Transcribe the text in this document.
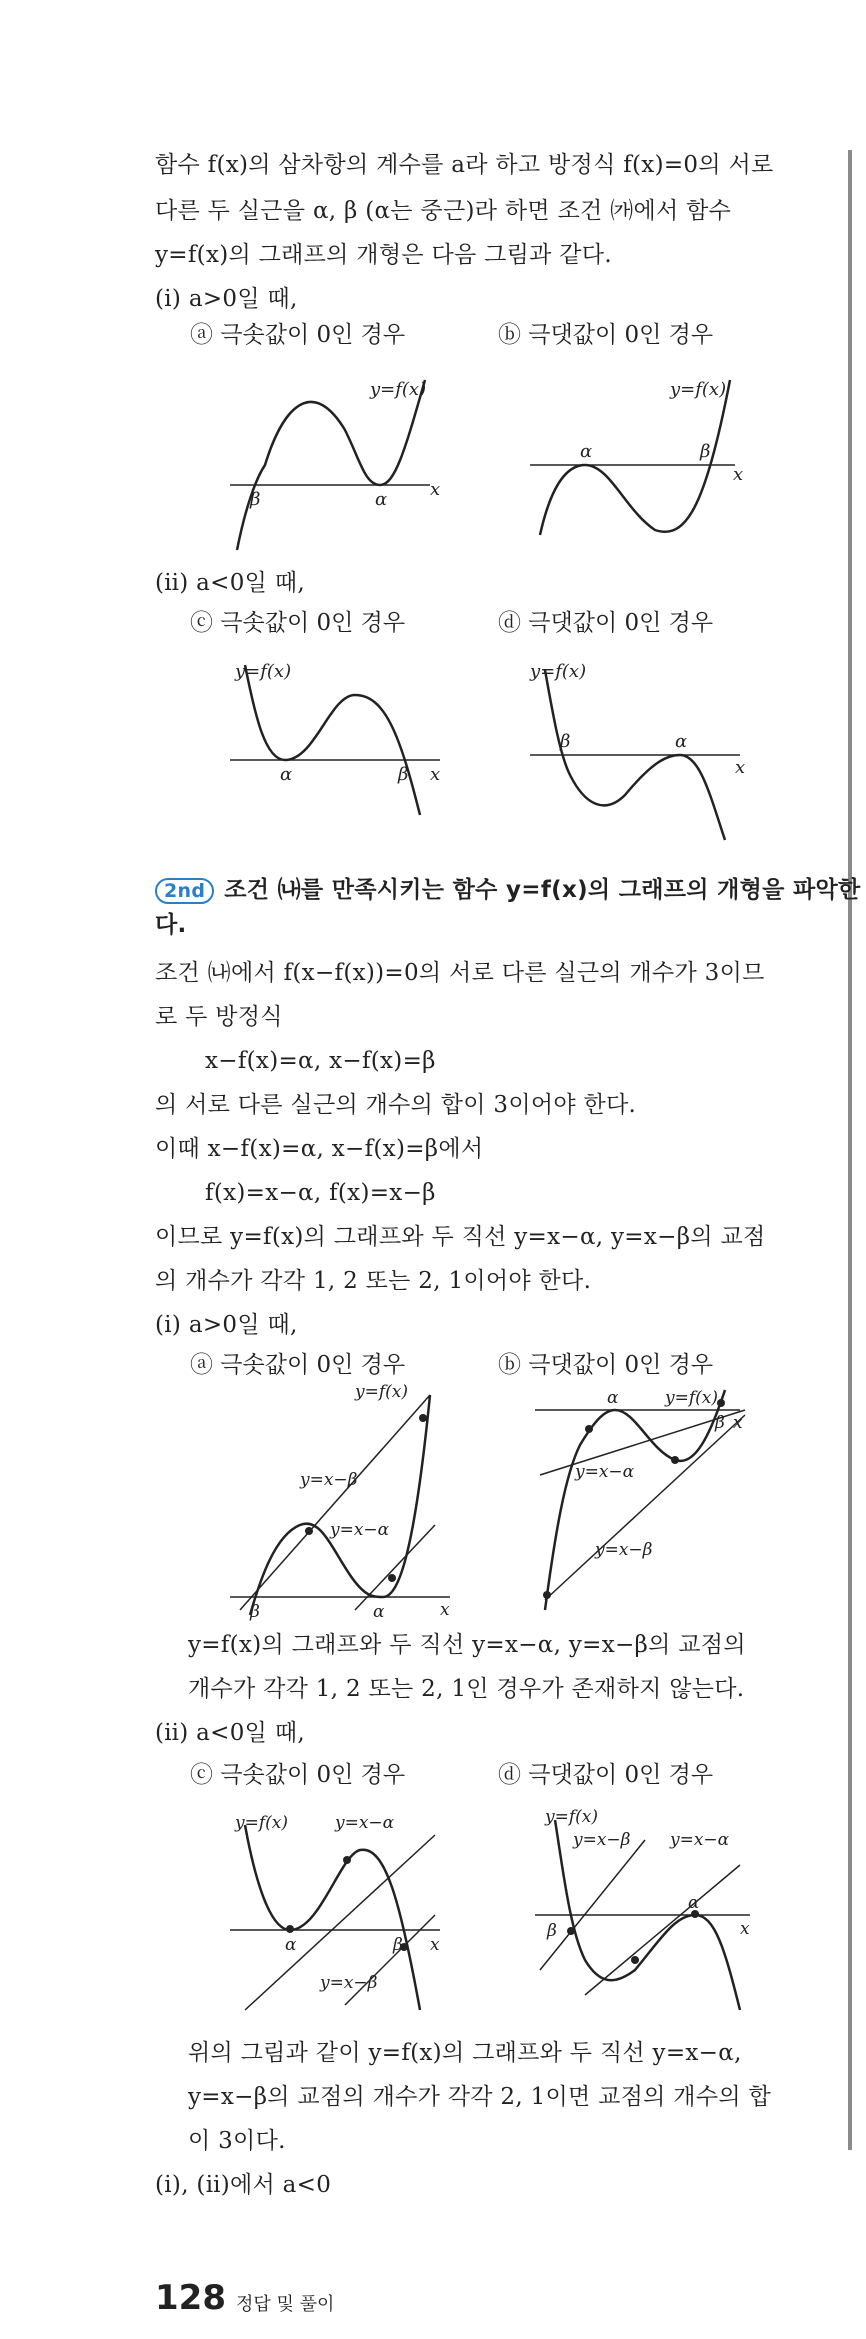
함수 f(x)의 삼차항의 계수를 a라 하고 방정식 f(x)=0의 서로
다른 두 실근을 α, β (α는 중근)라 하면 조건 ㈎에서 함수
y=f(x)의 그래프의 개형은 다음 그림과 같다.
(ⅰ) a>0일 때,
ⓐ 극솟값이 0인 경우	ⓑ 극댓값이 0인 경우
y=f(x)
β	α x
y=f(x)
α	β
x
(ⅱ) a<0일 때,
ⓒ 극솟값이 0인 경우	ⓓ 극댓값이 0인 경우
y=f(x)
α	β x
y=f(x)
β	α
x
2nd 조건 ㈏를 만족시키는 함수 y=f(x)의 그래프의 개형을 파악한
다.
조건 ㈏에서 f(x−f(x))=0의 서로 다른 실근의 개수가 3이므
로 두 방정식
x−f(x)=α, x−f(x)=β
의 서로 다른 실근의 개수의 합이 3이어야 한다.
이때 x−f(x)=α, x−f(x)=β에서
f(x)=x−α, f(x)=x−β
이므로 y=f(x)의 그래프와 두 직선 y=x−α, y=x−β의 교점
의 개수가 각각 1, 2 또는 2, 1이어야 한다.
(ⅰ) a>0일 때,
ⓐ 극솟값이 0인 경우	ⓑ 극댓값이 0인 경우
y=f(x)
y=x−β
y=x−α
β	α	x
y=f(x)
α
β x
y=x−α
y=x−β
y=f(x)의 그래프와 두 직선 y=x−α, y=x−β의 교점의
개수가 각각 1, 2 또는 2, 1인 경우가 존재하지 않는다.
(ⅱ) a<0일 때,
ⓒ 극솟값이 0인 경우	ⓓ 극댓값이 0인 경우
y=f(x)	y=x−α
α	β x
y=x−β
y=f(x)
y=x−β y=x−α
α
β	x
위의 그림과 같이 y=f(x)의 그래프와 두 직선 y=x−α,
y=x−β의 교점의 개수가 각각 2, 1이면 교점의 개수의 합
이 3이다.
(ⅰ), (ⅱ)에서 a<0
128 정답 및 풀이
